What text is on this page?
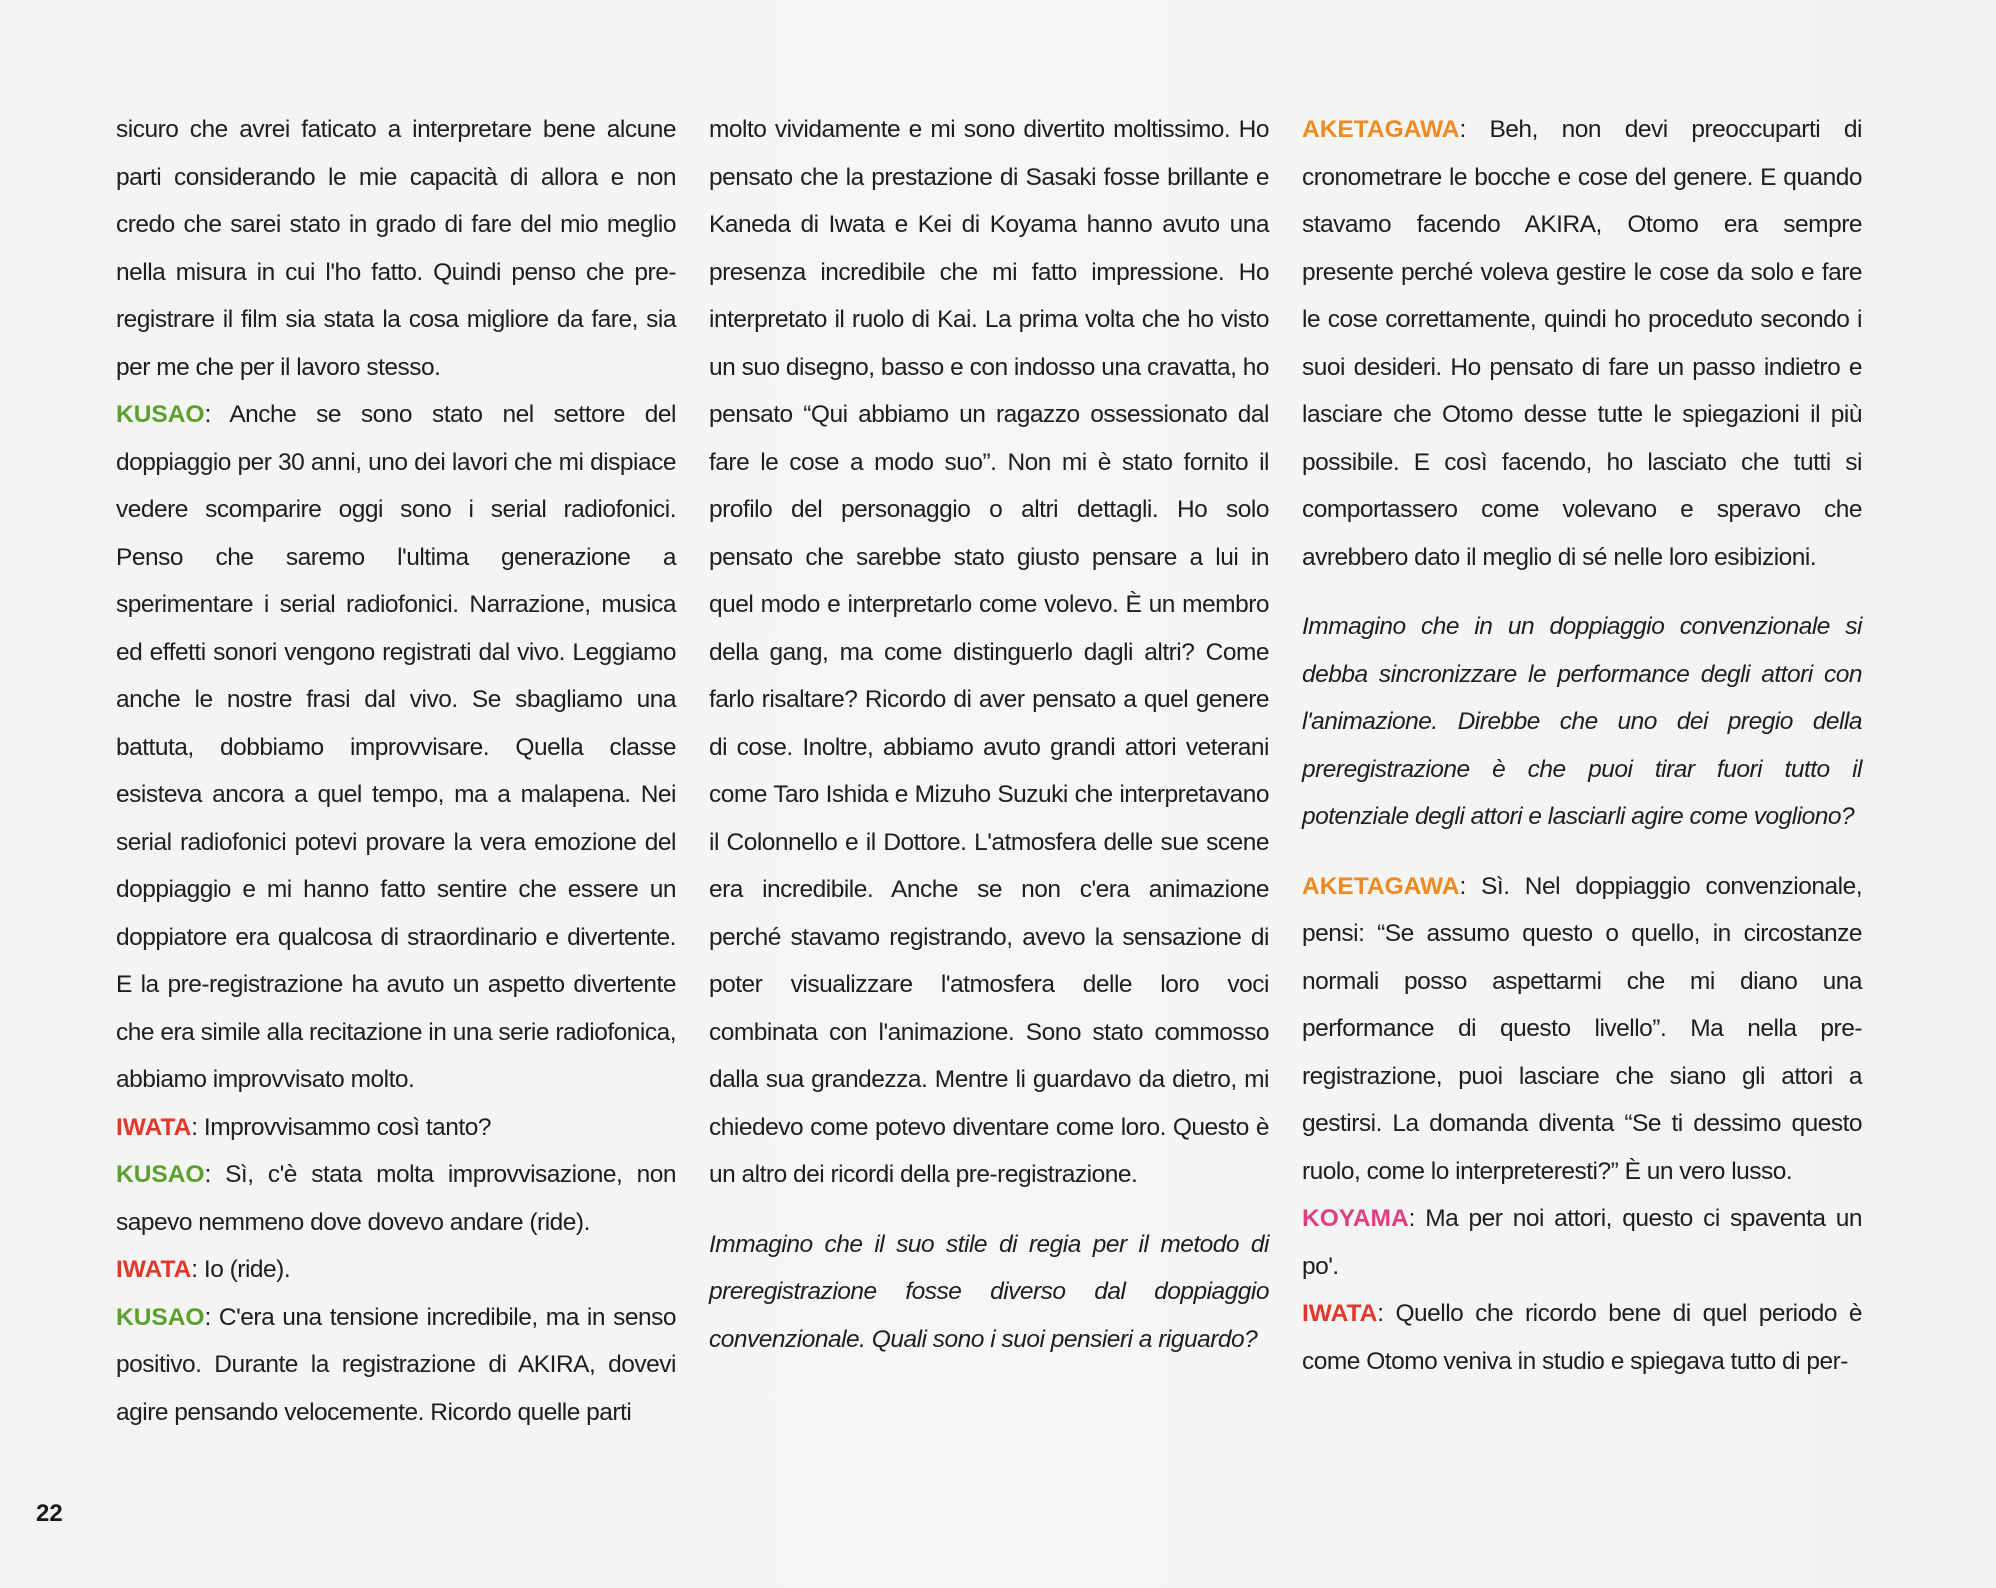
sicuro che avrei faticato a interpretare bene alcune parti considerando le mie capacità di allora e non credo che sarei stato in grado di fare del mio meglio nella misura in cui l'ho fatto. Quindi penso che pre-registrare il film sia stata la cosa migliore da fare, sia per me che per il lavoro stesso.

KUSAO: Anche se sono stato nel settore del doppiaggio per 30 anni, uno dei lavori che mi dispiace vedere scomparire oggi sono i serial radiofonici. Penso che saremo l'ultima generazione a sperimentare i serial radiofonici. Narrazione, musica ed effetti sonori vengono registrati dal vivo. Leggiamo anche le nostre frasi dal vivo. Se sbagliamo una battuta, dobbiamo improvvisare. Quella classe esisteva ancora a quel tempo, ma a malapena. Nei serial radiofonici potevi provare la vera emozione del doppiaggio e mi hanno fatto sentire che essere un doppiatore era qualcosa di straordinario e divertente. E la pre-registrazione ha avuto un aspetto divertente che era simile alla recitazione in una serie radiofonica, abbiamo improvvisato molto.

IWATA: Improvvisammo così tanto?

KUSAO: Sì, c'è stata molta improvvisazione, non sapevo nemmeno dove dovevo andare (ride).

IWATA: Io (ride).

KUSAO: C'era una tensione incredibile, ma in senso positivo. Durante la registrazione di AKIRA, dovevi agire pensando velocemente. Ricordo quelle parti

molto vividamente e mi sono divertito moltissimo. Ho pensato che la prestazione di Sasaki fosse brillante e Kaneda di Iwata e Kei di Koyama hanno avuto una presenza incredibile che mi fatto impressione. Ho interpretato il ruolo di Kai. La prima volta che ho visto un suo disegno, basso e con indosso una cravatta, ho pensato “Qui abbiamo un ragazzo ossessionato dal fare le cose a modo suo”. Non mi è stato fornito il profilo del personaggio o altri dettagli. Ho solo pensato che sarebbe stato giusto pensare a lui in quel modo e interpretarlo come volevo. È un membro della gang, ma come distinguerlo dagli altri? Come farlo risaltare? Ricordo di aver pensato a quel genere di cose. Inoltre, abbiamo avuto grandi attori veterani come Taro Ishida e Mizuho Suzuki che interpretavano il Colonnello e il Dottore. L'atmosfera delle sue scene era incredibile. Anche se non c'era animazione perché stavamo registrando, avevo la sensazione di poter visualizzare l'atmosfera delle loro voci combinata con l'animazione. Sono stato commosso dalla sua grandezza. Mentre li guardavo da dietro, mi chiedevo come potevo diventare come loro. Questo è un altro dei ricordi della pre-registrazione.

Immagino che il suo stile di regia per il metodo di preregistrazione fosse diverso dal doppiaggio convenzionale. Quali sono i suoi pensieri a riguardo?

AKETAGAWA: Beh, non devi preoccuparti di cronometrare le bocche e cose del genere. E quando stavamo facendo AKIRA, Otomo era sempre presente perché voleva gestire le cose da solo e fare le cose correttamente, quindi ho proceduto secondo i suoi desideri. Ho pensato di fare un passo indietro e lasciare che Otomo desse tutte le spiegazioni il più possibile. E così facendo, ho lasciato che tutti si comportassero come volevano e speravo che avrebbero dato il meglio di sé nelle loro esibizioni.

Immagino che in un doppiaggio convenzionale si debba sincronizzare le performance degli attori con l'animazione. Direbbe che uno dei pregio della preregistrazione è che puoi tirar fuori tutto il potenziale degli attori e lasciarli agire come vogliono?

AKETAGAWA: Sì. Nel doppiaggio convenzionale, pensi: “Se assumo questo o quello, in circostanze normali posso aspettarmi che mi diano una performance di questo livello”. Ma nella pre-registrazione, puoi lasciare che siano gli attori a gestirsi. La domanda diventa “Se ti dessimo questo ruolo, come lo interpreteresti?” È un vero lusso.

KOYAMA: Ma per noi attori, questo ci spaventa un po'.

IWATA: Quello che ricordo bene di quel periodo è come Otomo veniva in studio e spiegava tutto di per-

22
